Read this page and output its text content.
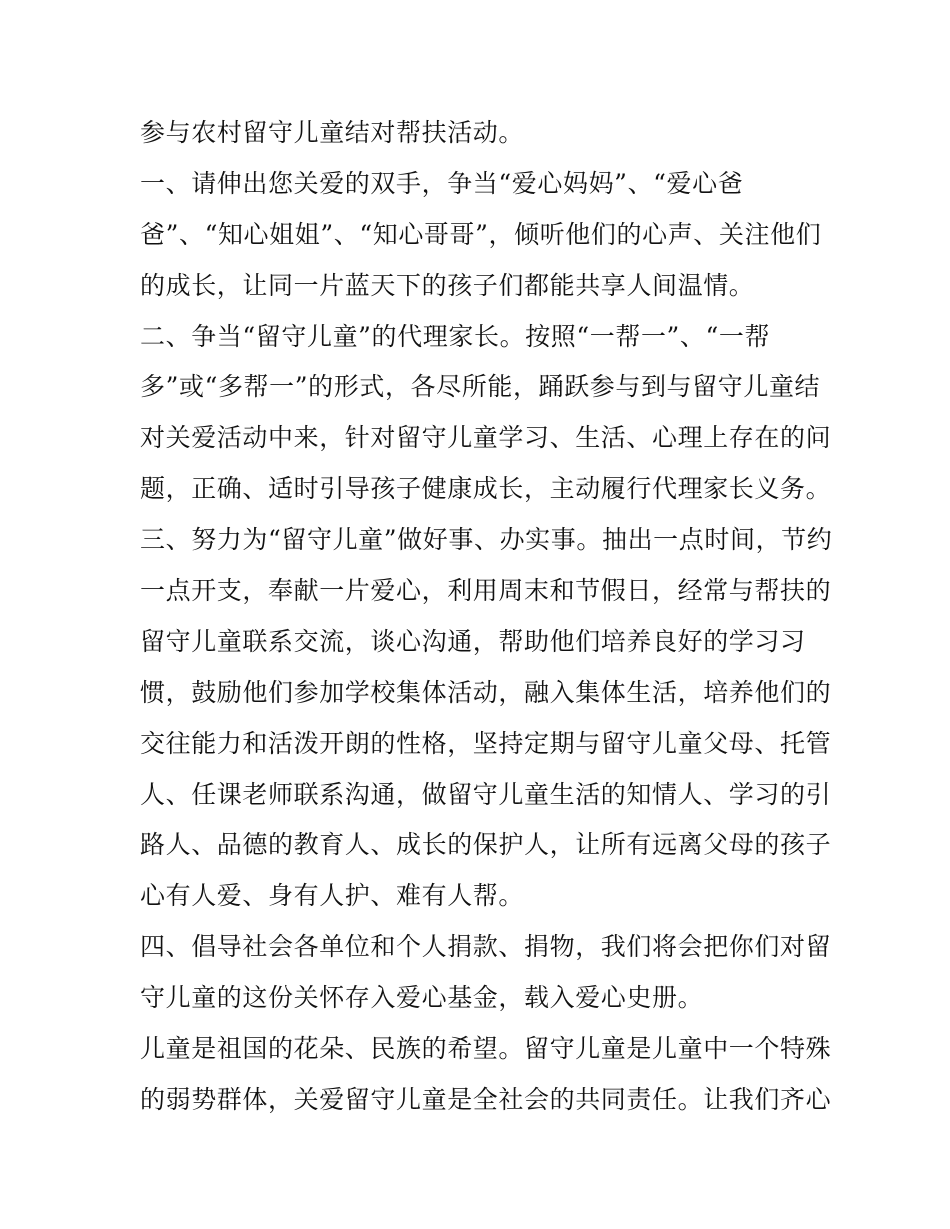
参与农村留守儿童结对帮扶活动。
一、请伸出您关爱的双手，争当“爱心妈妈”、“爱心爸
爸”、“知心姐姐”、“知心哥哥”，倾听他们的心声、关注他们
的成长，让同一片蓝天下的孩子们都能共享人间温情。
二、争当“留守儿童”的代理家长。按照“一帮一”、“一帮
多”或“多帮一”的形式，各尽所能，踊跃参与到与留守儿童结
对关爱活动中来，针对留守儿童学习、生活、心理上存在的问
题，正确、适时引导孩子健康成长，主动履行代理家长义务。
三、努力为“留守儿童”做好事、办实事。抽出一点时间，节约
一点开支，奉献一片爱心，利用周末和节假日，经常与帮扶的
留守儿童联系交流，谈心沟通，帮助他们培养良好的学习习
惯，鼓励他们参加学校集体活动，融入集体生活，培养他们的
交往能力和活泼开朗的性格，坚持定期与留守儿童父母、托管
人、任课老师联系沟通，做留守儿童生活的知情人、学习的引
路人、品德的教育人、成长的保护人，让所有远离父母的孩子
心有人爱、身有人护、难有人帮。
四、倡导社会各单位和个人捐款、捐物，我们将会把你们对留
守儿童的这份关怀存入爱心基金，载入爱心史册。
儿童是祖国的花朵、民族的希望。留守儿童是儿童中一个特殊
的弱势群体，关爱留守儿童是全社会的共同责任。让我们齐心
